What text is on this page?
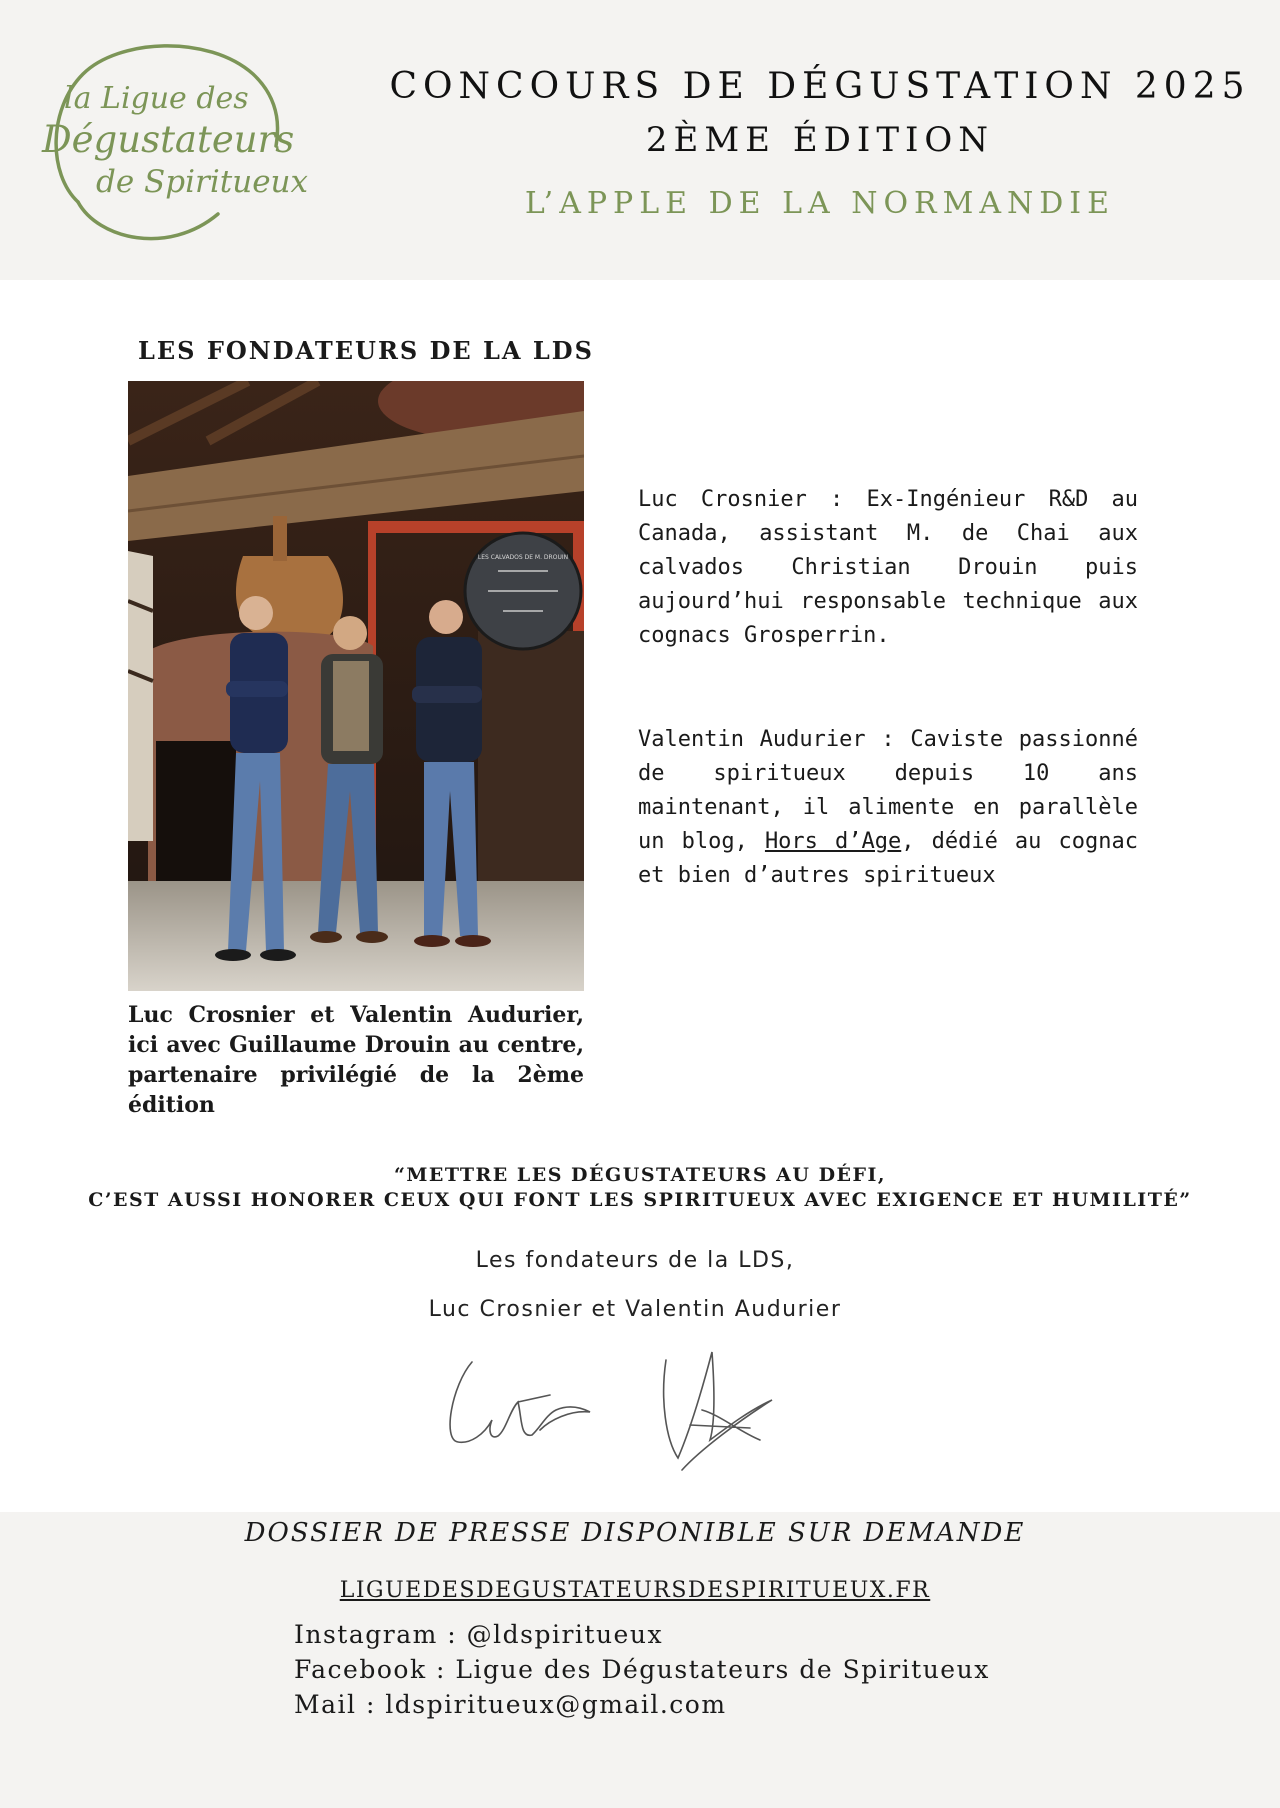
la Ligue des
Dégustateurs
de Spiritueux
CONCOURS DE DÉGUSTATION 2025
2ÈME ÉDITION
L’APPLE DE LA NORMANDIE
LES FONDATEURS DE LA LDS
LES CALVADOS DE M. DROUIN
Luc Crosnier et Valentin Audurier, ici avec Guillaume Drouin au centre, partenaire privilégié de la 2ème édition
Luc Crosnier : Ex-Ingénieur R&D au Canada, assistant M. de Chai aux calvados Christian Drouin puis aujourd’hui responsable technique aux cognacs Grosperrin.
Valentin Audurier : Caviste passionné de spiritueux depuis 10 ans maintenant, il alimente en parallèle un blog, Hors d’Age, dédié au cognac et bien d’autres spiritueux
“METTRE LES DÉGUSTATEURS AU DÉFI,
C’EST AUSSI HONORER CEUX QUI FONT LES SPIRITUEUX AVEC EXIGENCE ET HUMILITÉ”
Les fondateurs de la LDS,
Luc Crosnier et Valentin Audurier
DOSSIER DE PRESSE DISPONIBLE SUR DEMANDE
LIGUEDESDEGUSTATEURSDESPIRITUEUX.FR
Instagram : @ldspiritueux
Facebook : Ligue des Dégustateurs de Spiritueux
Mail : ldspiritueux@gmail.com
